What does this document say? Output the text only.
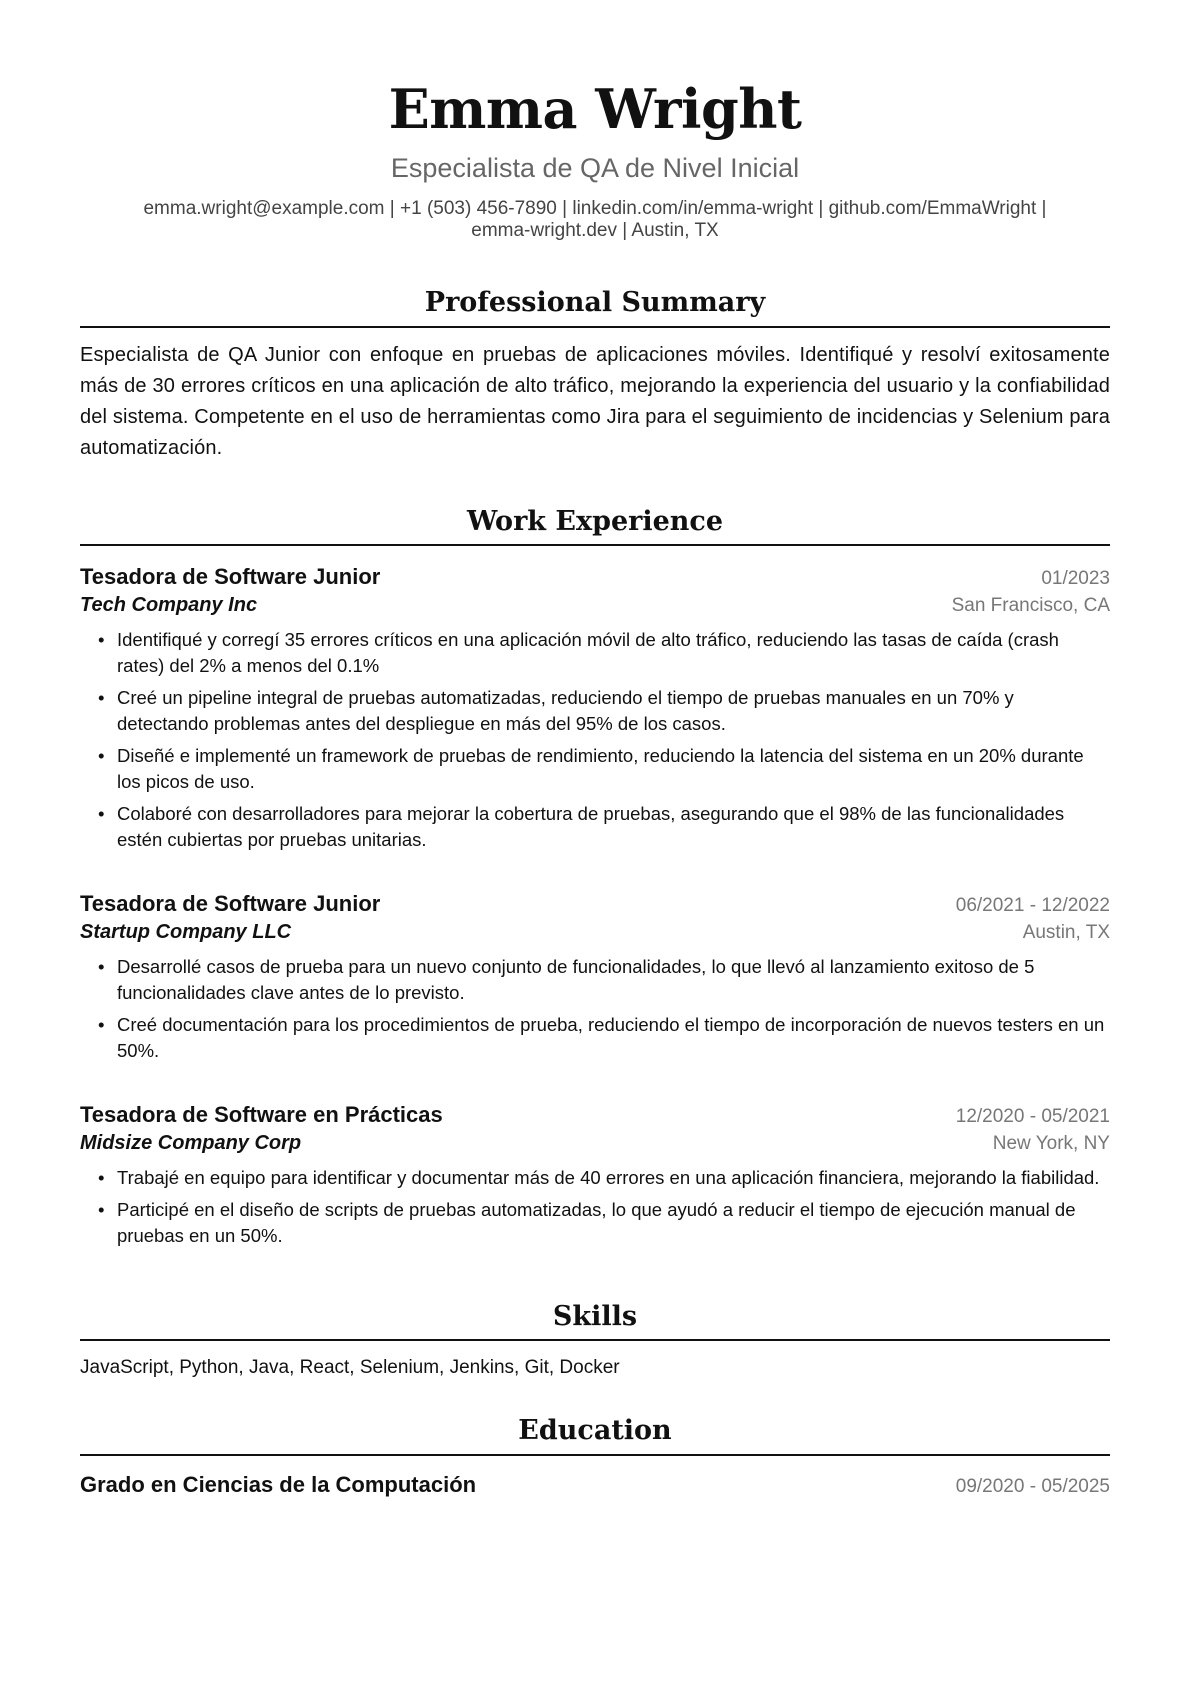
Emma Wright
Especialista de QA de Nivel Inicial
emma.wright@example.com | +1 (503) 456-7890 | linkedin.com/in/emma-wright | github.com/EmmaWright |
emma-wright.dev | Austin, TX
Professional Summary

Especialista de QA Junior con enfoque en pruebas de aplicaciones móviles. Identifiqué y resolví exitosamente más de 30 errores críticos en una aplicación de alto tráfico, mejorando la experiencia del usuario y la confiabilidad del sistema. Competente en el uso de herramientas como Jira para el seguimiento de incidencias y Selenium para automatización.

Work Experience
Tesadora de Software Junior	01/2023
Tech Company Inc	San Francisco, CA
• Identifiqué y corregí 35 errores críticos en una aplicación móvil de alto tráfico, reduciendo las tasas de caída (crash rates) del 2% a menos del 0.1%
• Creé un pipeline integral de pruebas automatizadas, reduciendo el tiempo de pruebas manuales en un 70% y detectando problemas antes del despliegue en más del 95% de los casos.
• Diseñé e implementé un framework de pruebas de rendimiento, reduciendo la latencia del sistema en un 20% durante los picos de uso.
• Colaboré con desarrolladores para mejorar la cobertura de pruebas, asegurando que el 98% de las funcionalidades estén cubiertas por pruebas unitarias.
Tesadora de Software Junior	06/2021 - 12/2022
Startup Company LLC	Austin, TX
• Desarrollé casos de prueba para un nuevo conjunto de funcionalidades, lo que llevó al lanzamiento exitoso de 5 funcionalidades clave antes de lo previsto.
• Creé documentación para los procedimientos de prueba, reduciendo el tiempo de incorporación de nuevos testers en un 50%.
Tesadora de Software en Prácticas	12/2020 - 05/2021
Midsize Company Corp	New York, NY
• Trabajé en equipo para identificar y documentar más de 40 errores en una aplicación financiera, mejorando la fiabilidad.
• Participé en el diseño de scripts de pruebas automatizadas, lo que ayudó a reducir el tiempo de ejecución manual de pruebas en un 50%.
Skills
JavaScript, Python, Java, React, Selenium, Jenkins, Git, Docker
Education
Grado en Ciencias de la Computación	09/2020 - 05/2025
